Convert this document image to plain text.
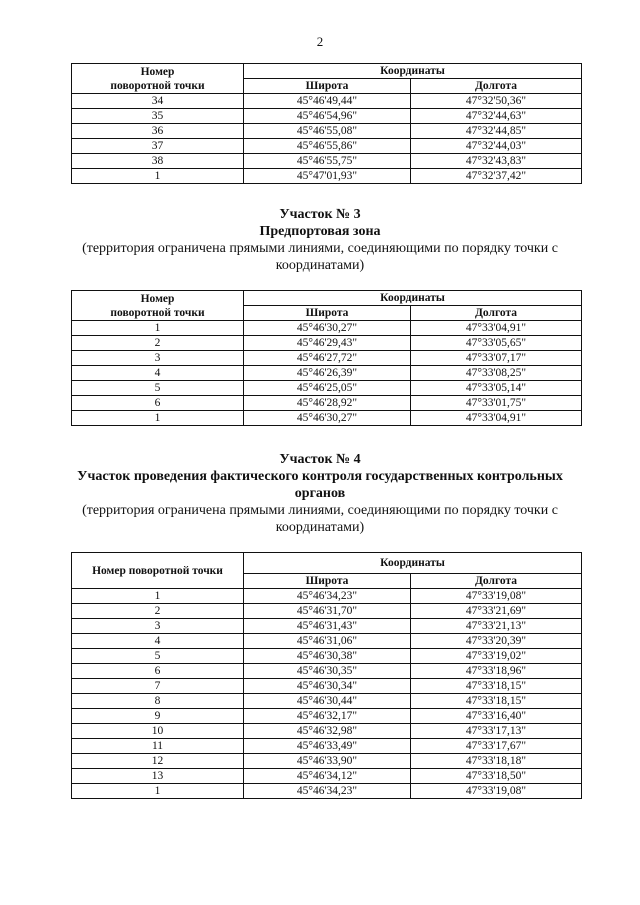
2
Номер
поворотной точки	Координаты	
	Широта	Долгота
34	45°46'49,44"	47°32'50,36"
35	45°46'54,96"	47°32'44,63"
36	45°46'55,08"	47°32'44,85"
37	45°46'55,86"	47°32'44,03"
38	45°46'55,75"	47°32'43,83"
1	45°47'01,93"	47°32'37,42"
Участок № 3
Предпортовая зона
(территория ограничена прямыми линиями, соединяющими по порядку точки с
координатами)
Номер
поворотной точки	Координаты	
	Широта	Долгота
1	45°46'30,27"	47°33'04,91"
2	45°46'29,43"	47°33'05,65"
3	45°46'27,72"	47°33'07,17"
4	45°46'26,39"	47°33'08,25"
5	45°46'25,05"	47°33'05,14"
6	45°46'28,92"	47°33'01,75"
1	45°46'30,27"	47°33'04,91"
Участок № 4
Участок проведения фактического контроля государственных контрольных
органов
(территория ограничена прямыми линиями, соединяющими по порядку точки с
координатами)
Номер поворотной точки	Координаты	
	Широта	Долгота
1	45°46'34,23"	47°33'19,08"
2	45°46'31,70"	47°33'21,69"
3	45°46'31,43"	47°33'21,13"
4	45°46'31,06"	47°33'20,39"
5	45°46'30,38"	47°33'19,02"
6	45°46'30,35"	47°33'18,96"
7	45°46'30,34"	47°33'18,15"
8	45°46'30,44"	47°33'18,15"
9	45°46'32,17"	47°33'16,40"
10	45°46'32,98"	47°33'17,13"
11	45°46'33,49"	47°33'17,67"
12	45°46'33,90"	47°33'18,18"
13	45°46'34,12"	47°33'18,50"
1	45°46'34,23"	47°33'19,08"
